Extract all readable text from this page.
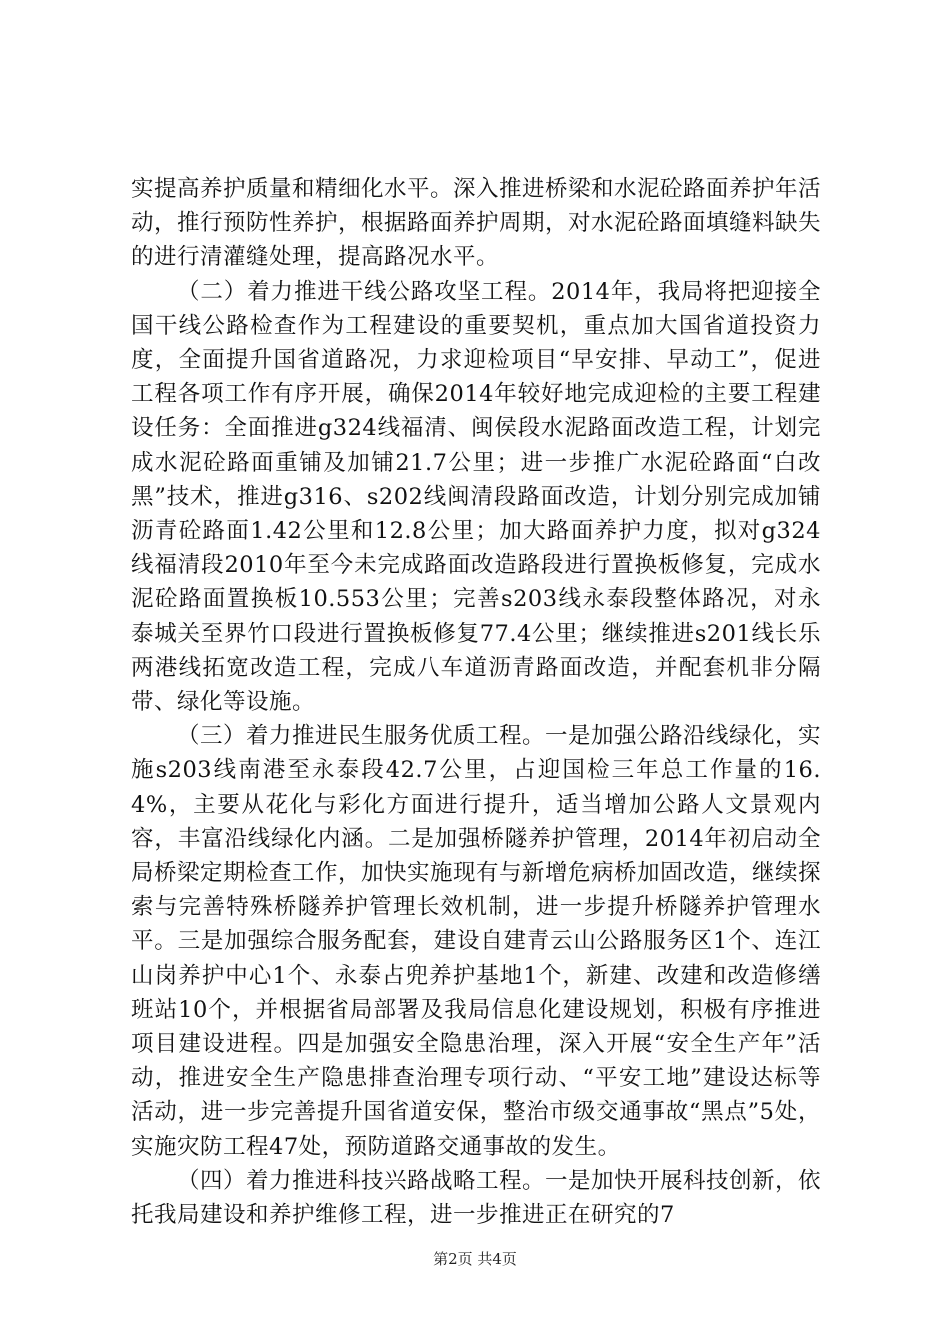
实提高养护质量和精细化水平。深入推进桥梁和水泥砼路面养护年活动，推行预防性养护，根据路面养护周期，对水泥砼路面填缝料缺失的进行清灌缝处理，提高路况水平。

（二）着力推进干线公路攻坚工程。2014年，我局将把迎接全国干线公路检查作为工程建设的重要契机，重点加大国省道投资力度，全面提升国省道路况，力求迎检项目“早安排、早动工”，促进工程各项工作有序开展，确保2014年较好地完成迎检的主要工程建设任务：全面推进g324线福清、闽侯段水泥路面改造工程，计划完成水泥砼路面重铺及加铺21.7公里；进一步推广水泥砼路面“白改黑”技术，推进g316、s202线闽清段路面改造，计划分别完成加铺沥青砼路面1.42公里和12.8公里；加大路面养护力度，拟对g324线福清段2010年至今未完成路面改造路段进行置换板修复，完成水泥砼路面置换板10.553公里；完善s203线永泰段整体路况，对永泰城关至界竹口段进行置换板修复77.4公里；继续推进s201线长乐两港线拓宽改造工程，完成八车道沥青路面改造，并配套机非分隔带、绿化等设施。

（三）着力推进民生服务优质工程。一是加强公路沿线绿化，实施s203线南港至永泰段42.7公里，占迎国检三年总工作量的16.4%，主要从花化与彩化方面进行提升，适当增加公路人文景观内容，丰富沿线绿化内涵。二是加强桥隧养护管理，2014年初启动全局桥梁定期检查工作，加快实施现有与新增危病桥加固改造，继续探索与完善特殊桥隧养护管理长效机制，进一步提升桥隧养护管理水平。三是加强综合服务配套，建设自建青云山公路服务区1个、连江山岗养护中心1个、永泰占兜养护基地1个，新建、改建和改造修缮班站10个，并根据省局部署及我局信息化建设规划，积极有序推进项目建设进程。四是加强安全隐患治理，深入开展“安全生产年”活动，推进安全生产隐患排查治理专项行动、“平安工地”建设达标等活动，进一步完善提升国省道安保，整治市级交通事故“黑点”5处，实施灾防工程47处，预防道路交通事故的发生。

（四）着力推进科技兴路战略工程。一是加快开展科技创新，依托我局建设和养护维修工程，进一步推进正在研究的7

第2页 共4页
